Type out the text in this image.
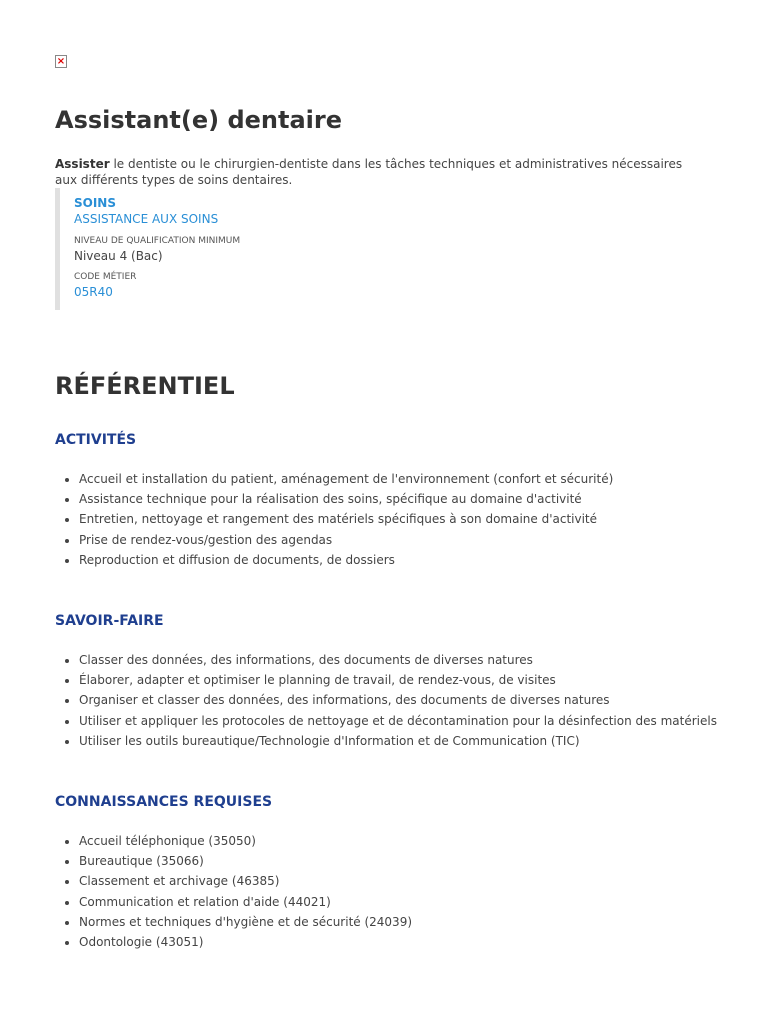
×
Assistant(e) dentaire

Assister le dentiste ou le chirurgien-dentiste dans les tâches techniques et administratives nécessaires aux différents types de soins dentaires.

SOINS
ASSISTANCE AUX SOINS
NIVEAU DE QUALIFICATION MINIMUM
Niveau 4 (Bac)
CODE MÉTIER
05R40
RÉFÉRENTIEL
ACTIVITÉS
• Accueil et installation du patient, aménagement de l'environnement (confort et sécurité)
• Assistance technique pour la réalisation des soins, spécifique au domaine d'activité
• Entretien, nettoyage et rangement des matériels spécifiques à son domaine d'activité
• Prise de rendez-vous/gestion des agendas
• Reproduction et diffusion de documents, de dossiers
SAVOIR-FAIRE
• Classer des données, des informations, des documents de diverses natures
• Élaborer, adapter et optimiser le planning de travail, de rendez-vous, de visites
• Organiser et classer des données, des informations, des documents de diverses natures
• Utiliser et appliquer les protocoles de nettoyage et de décontamination pour la désinfection des matériels
• Utiliser les outils bureautique/Technologie d'Information et de Communication (TIC)
CONNAISSANCES REQUISES
• Accueil téléphonique (35050)
• Bureautique (35066)
• Classement et archivage (46385)
• Communication et relation d'aide (44021)
• Normes et techniques d'hygiène et de sécurité (24039)
• Odontologie (43051)
